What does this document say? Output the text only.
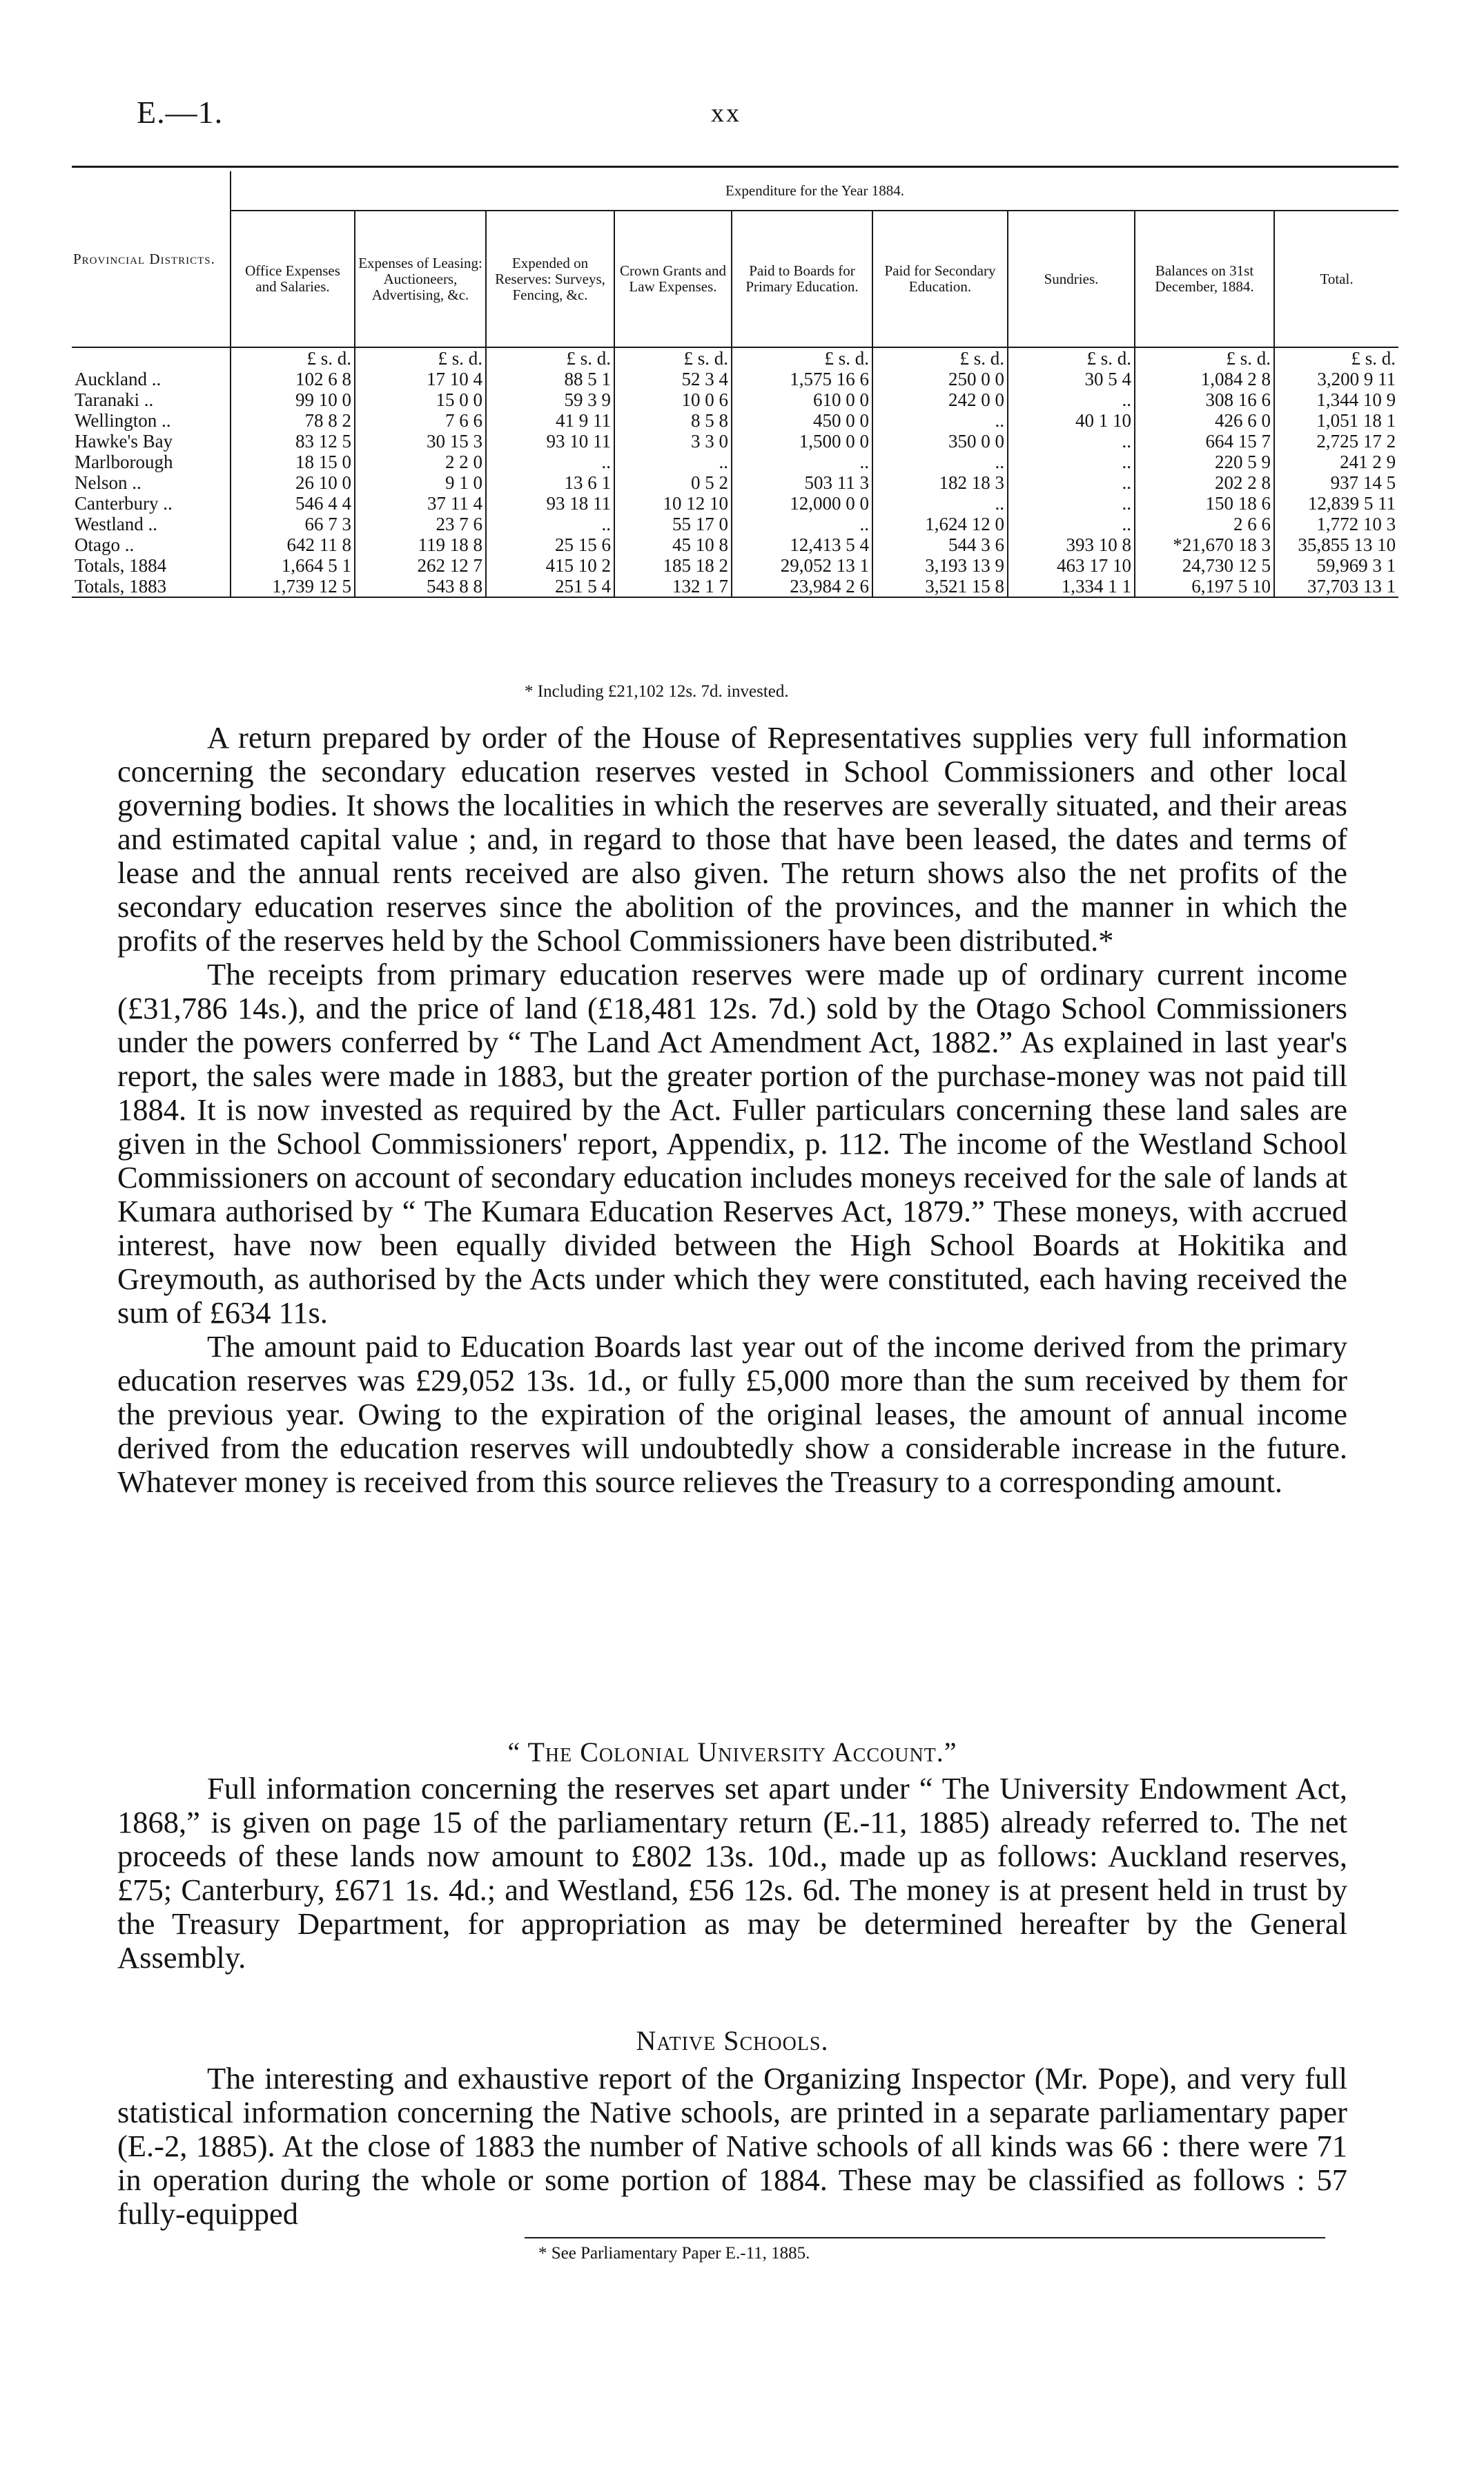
E.—1.	xx
Provincial Districts.	Expenditure for the Year 1884.								
	Office Expenses and Salaries.	Expenses of Leasing: Auctioneers, Advertising, &c.	Expended on Reserves: Surveys, Fencing, &c.	Crown Grants and Law Expenses.	Paid to Boards for Primary Education.	Paid for Secondary Education.	Sundries.	Balances on 31st December, 1884.	Total.
	£ s. d.	£ s. d.	£ s. d.	£ s. d.	£ s. d.	£ s. d.	£ s. d.	£ s. d.	£ s. d.
Auckland ..	102 6 8	17 10 4	88 5 1	52 3 4	1,575 16 6	250 0 0	30 5 4	1,084 2 8	3,200 9 11
Taranaki ..	99 10 0	15 0 0	59 3 9	10 0 6	610 0 0	242 0 0	..	308 16 6	1,344 10 9
Wellington ..	78 8 2	7 6 6	41 9 11	8 5 8	450 0 0	..	40 1 10	426 6 0	1,051 18 1
Hawke's Bay	83 12 5	30 15 3	93 10 11	3 3 0	1,500 0 0	350 0 0	..	664 15 7	2,725 17 2
Marlborough	18 15 0	2 2 0	..	..	..	..	..	220 5 9	241 2 9
Nelson ..	26 10 0	9 1 0	13 6 1	0 5 2	503 11 3	182 18 3	..	202 2 8	937 14 5
Canterbury ..	546 4 4	37 11 4	93 18 11	10 12 10	12,000 0 0	..	..	150 18 6	12,839 5 11
Westland ..	66 7 3	23 7 6	..	55 17 0	..	1,624 12 0	..	2 6 6	1,772 10 3
Otago ..	642 11 8	119 18 8	25 15 6	45 10 8	12,413 5 4	544 3 6	393 10 8	*21,670 18 3	35,855 13 10
Totals, 1884	1,664 5 1	262 12 7	415 10 2	185 18 2	29,052 13 1	3,193 13 9	463 17 10	24,730 12 5	59,969 3 1
Totals, 1883	1,739 12 5	543 8 8	251 5 4	132 1 7	23,984 2 6	3,521 15 8	1,334 1 1	6,197 5 10	37,703 13 1
* Including £21,102 12s. 7d. invested.

A return prepared by order of the House of Representatives supplies very full information concerning the secondary education reserves vested in School Commissioners and other local governing bodies. It shows the localities in which the reserves are severally situated, and their areas and estimated capital value ; and, in regard to those that have been leased, the dates and terms of lease and the annual rents received are also given. The return shows also the net profits of the secondary education reserves since the abolition of the provinces, and the manner in which the profits of the reserves held by the School Commissioners have been distributed.*

The receipts from primary education reserves were made up of ordinary current income (£31,786 14s.), and the price of land (£18,481 12s. 7d.) sold by the Otago School Commissioners under the powers conferred by “ The Land Act Amendment Act, 1882.” As explained in last year's report, the sales were made in 1883, but the greater portion of the purchase-money was not paid till 1884. It is now invested as required by the Act. Fuller particulars concerning these land sales are given in the School Commissioners' report, Appendix, p. 112. The income of the Westland School Commissioners on account of secondary education includes moneys received for the sale of lands at Kumara authorised by “ The Kumara Education Reserves Act, 1879.” These moneys, with accrued interest, have now been equally divided between the High School Boards at Hokitika and Greymouth, as authorised by the Acts under which they were constituted, each having received the sum of £634 11s.

The amount paid to Education Boards last year out of the income derived from the primary education reserves was £29,052 13s. 1d., or fully £5,000 more than the sum received by them for the previous year. Owing to the expiration of the original leases, the amount of annual income derived from the education reserves will undoubtedly show a considerable increase in the future. Whatever money is received from this source relieves the Treasury to a corresponding amount.

“ The Colonial University Account.”

Full information concerning the reserves set apart under “ The University Endowment Act, 1868,” is given on page 15 of the parliamentary return (E.-11, 1885) already referred to. The net proceeds of these lands now amount to £802 13s. 10d., made up as follows: Auckland reserves, £75; Canterbury, £671 1s. 4d.; and Westland, £56 12s. 6d. The money is at present held in trust by the Treasury Department, for appropriation as may be determined hereafter by the General Assembly.

Native Schools.

The interesting and exhaustive report of the Organizing Inspector (Mr. Pope), and very full statistical information concerning the Native schools, are printed in a separate parliamentary paper (E.-2, 1885). At the close of 1883 the number of Native schools of all kinds was 66 : there were 71 in operation during the whole or some portion of 1884. These may be classified as follows : 57 fully-equipped

* See Parliamentary Paper E.-11, 1885.
